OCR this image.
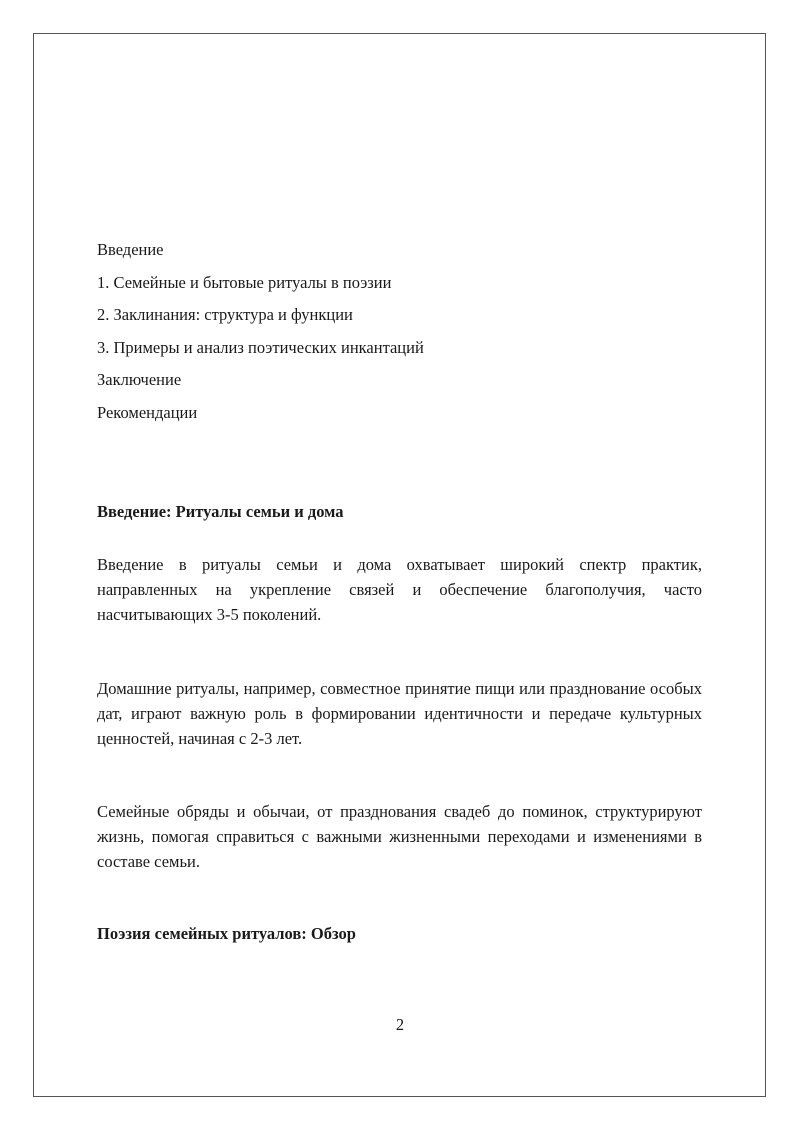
Введение
1. Семейные и бытовые ритуалы в поэзии
2. Заклинания: структура и функции
3. Примеры и анализ поэтических инкантаций
Заключение
Рекомендации
Введение: Ритуалы семьи и дома

Введение в ритуалы семьи и дома охватывает широкий спектр практик, направленных на укрепление связей и обеспечение благополучия, часто насчитывающих 3-5 поколений.

Домашние ритуалы, например, совместное принятие пищи или празднование особых дат, играют важную роль в формировании идентичности и передаче культурных ценностей, начиная с 2-3 лет.

Семейные обряды и обычаи, от празднования свадеб до поминок, структурируют жизнь, помогая справиться с важными жизненными переходами и изменениями в составе семьи.

Поэзия семейных ритуалов: Обзор

2
